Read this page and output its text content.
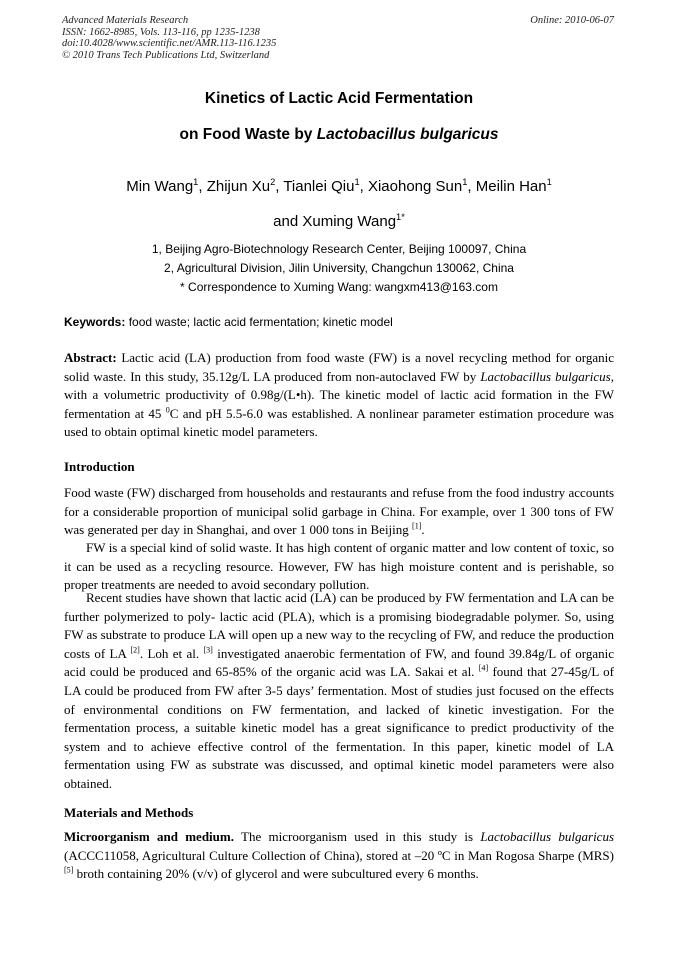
Advanced Materials Research
ISSN: 1662-8985, Vols. 113-116, pp 1235-1238
doi:10.4028/www.scientific.net/AMR.113-116.1235
© 2010 Trans Tech Publications Ltd, Switzerland
Online: 2010-06-07
Kinetics of Lactic Acid Fermentation
on Food Waste by Lactobacillus bulgaricus
Min Wang$^1$, Zhijun Xu$^2$, Tianlei Qiu$^1$, Xiaohong Sun$^1$, Meilin Han$^1$
and Xuming Wang$^{1*}$
1, Beijing Agro-Biotechnology Research Center, Beijing 100097, China
2, Agricultural Division, Jilin University, Changchun 130062, China
* Correspondence to Xuming Wang: wangxm413@163.com
Keywords: food waste; lactic acid fermentation; kinetic model
Abstract: Lactic acid (LA) production from food waste (FW) is a novel recycling method for organic solid waste. In this study, 35.12g/L LA produced from non-autoclaved FW by Lactobacillus bulgaricus, with a volumetric productivity of 0.98g/(L•h). The kinetic model of lactic acid formation in the FW fermentation at 45 $^0$C and pH 5.5-6.0 was established. A nonlinear parameter estimation procedure was used to obtain optimal kinetic model parameters.
Introduction
Food waste (FW) discharged from households and restaurants and refuse from the food industry accounts for a considerable proportion of municipal solid garbage in China. For example, over 1 300 tons of FW was generated per day in Shanghai, and over 1 000 tons in Beijing [1].
FW is a special kind of solid waste. It has high content of organic matter and low content of toxic, so it can be used as a recycling resource. However, FW has high moisture content and is perishable, so proper treatments are needed to avoid secondary pollution.
Recent studies have shown that lactic acid (LA) can be produced by FW fermentation and LA can be further polymerized to poly- lactic acid (PLA), which is a promising biodegradable polymer. So, using FW as substrate to produce LA will open up a new way to the recycling of FW, and reduce the production costs of LA [2]. Loh et al. [3] investigated anaerobic fermentation of FW, and found 39.84g/L of organic acid could be produced and 65-85% of the organic acid was LA. Sakai et al. [4] found that 27-45g/L of LA could be produced from FW after 3-5 days’ fermentation. Most of studies just focused on the effects of environmental conditions on FW fermentation, and lacked of kinetic investigation. For the fermentation process, a suitable kinetic model has a great significance to predict productivity of the system and to achieve effective control of the fermentation. In this paper, kinetic model of LA fermentation using FW as substrate was discussed, and optimal kinetic model parameters were also obtained.
Materials and Methods
Microorganism and medium. The microorganism used in this study is Lactobacillus bulgaricus (ACCC11058, Agricultural Culture Collection of China), stored at –20 ºC in Man Rogosa Sharpe (MRS)[5] broth containing 20% (v/v) of glycerol and were subcultured every 6 months.
